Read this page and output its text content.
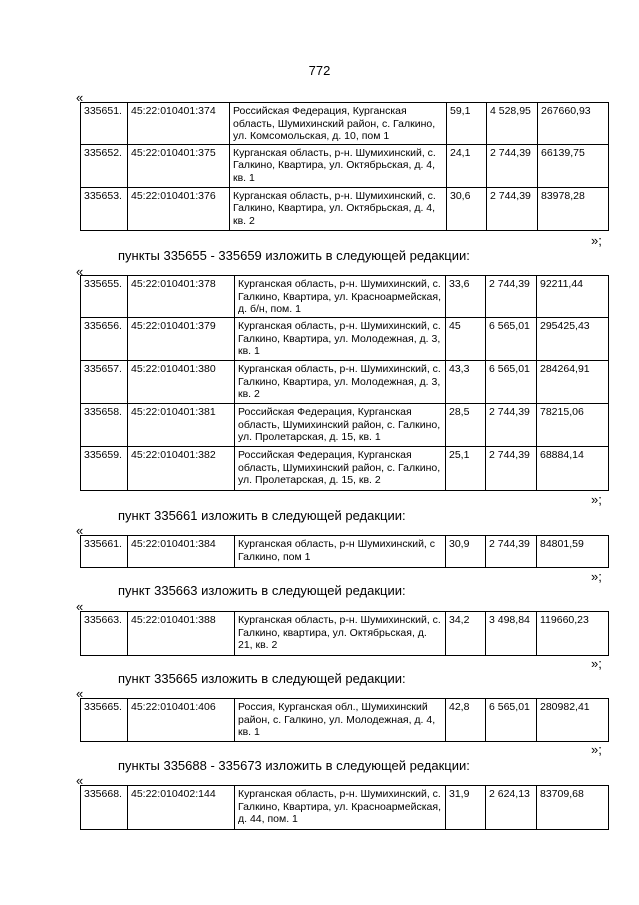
772
«
335651.	45:22:010401:374	Российская Федерация, Курганская область, Шумихинский район, с. Галкино, ул. Комсомольская, д. 10, пом 1	59,1	4 528,95	267660,93
335652.	45:22:010401:375	Курганская область, р-н. Шумихинский, с. Галкино, Квартира, ул. Октябрьская, д. 4, кв. 1	24,1	2 744,39	66139,75
335653.	45:22:010401:376	Курганская область, р-н. Шумихинский, с. Галкино, Квартира, ул. Октябрьская, д. 4, кв. 2	30,6	2 744,39	83978,28
»;
пункты 335655 - 335659 изложить в следующей редакции:
«
335655.	45:22:010401:378	Курганская область, р-н. Шумихинский, с. Галкино, Квартира, ул. Красноармейская, д. б/н, пом. 1	33,6	2 744,39	92211,44
335656.	45:22:010401:379	Курганская область, р-н. Шумихинский, с. Галкино, Квартира, ул. Молодежная, д. 3, кв. 1	45	6 565,01	295425,43
335657.	45:22:010401:380	Курганская область, р-н. Шумихинский, с. Галкино, Квартира, ул. Молодежная, д. 3, кв. 2	43,3	6 565,01	284264,91
335658.	45:22:010401:381	Российская Федерация, Курганская область, Шумихинский район, с. Галкино, ул. Пролетарская, д. 15, кв. 1	28,5	2 744,39	78215,06
335659.	45:22:010401:382	Российская Федерация, Курганская область, Шумихинский район, с. Галкино, ул. Пролетарская, д. 15, кв. 2	25,1	2 744,39	68884,14
»;
пункт 335661 изложить в следующей редакции:
«
335661.	45:22:010401:384	Курганская область, р-н Шумихинский, с Галкино, пом 1	30,9	2 744,39	84801,59
»;
пункт 335663 изложить в следующей редакции:
«
335663.	45:22:010401:388	Курганская область, р-н. Шумихинский, с. Галкино, квартира, ул. Октябрьская, д. 21, кв. 2	34,2	3 498,84	119660,23
»;
пункт 335665 изложить в следующей редакции:
«
335665.	45:22:010401:406	Россия, Курганская обл., Шумихинский район, с. Галкино, ул. Молодежная, д. 4, кв. 1	42,8	6 565,01	280982,41
»;
пункты 335688 - 335673 изложить в следующей редакции:
«
335668.	45:22:010402:144	Курганская область, р-н. Шумихинский, с. Галкино, Квартира, ул. Красноармейская, д. 44, пом. 1	31,9	2 624,13	83709,68
